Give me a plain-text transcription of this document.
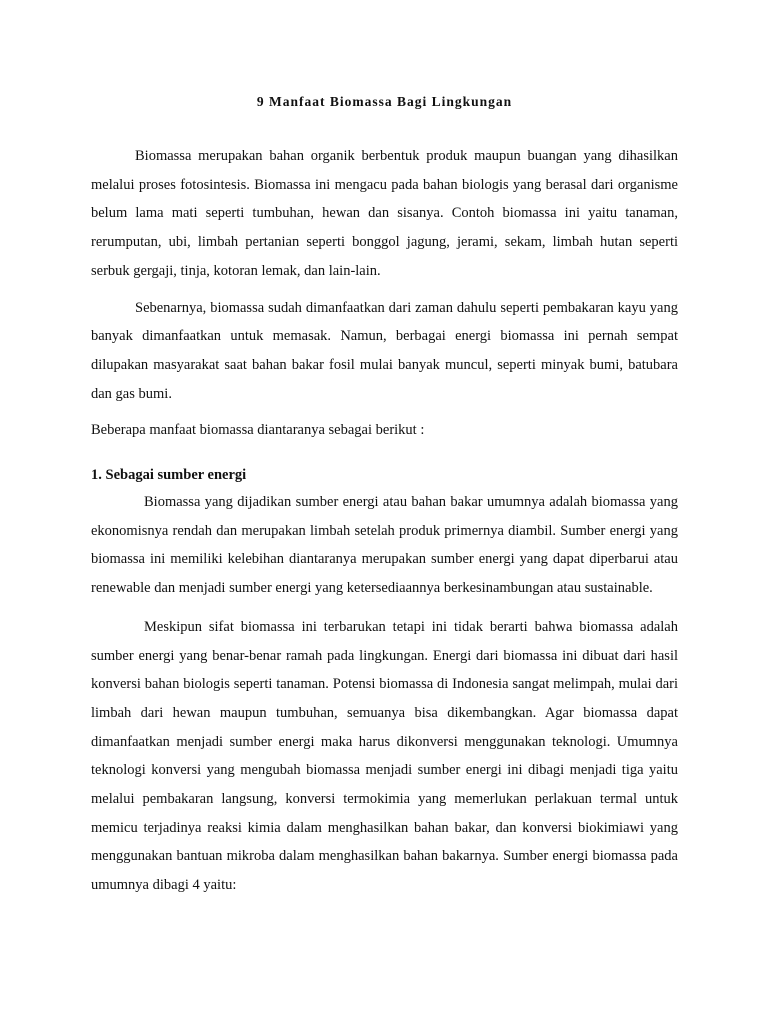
9 Manfaat Biomassa Bagi Lingkungan

Biomassa merupakan bahan organik berbentuk produk maupun buangan yang dihasilkan melalui proses fotosintesis. Biomassa ini mengacu pada bahan biologis yang berasal dari organisme belum lama mati seperti tumbuhan, hewan dan sisanya. Contoh biomassa ini yaitu tanaman, rerumputan, ubi, limbah pertanian seperti bonggol jagung, jerami, sekam, limbah hutan seperti serbuk gergaji, tinja, kotoran lemak, dan lain-lain.

Sebenarnya, biomassa sudah dimanfaatkan dari zaman dahulu seperti pembakaran kayu yang banyak dimanfaatkan untuk memasak. Namun, berbagai energi biomassa ini pernah sempat dilupakan masyarakat saat bahan bakar fosil mulai banyak muncul, seperti minyak bumi, batubara dan gas bumi.

Beberapa manfaat biomassa diantaranya sebagai berikut :

1. Sebagai sumber energi

Biomassa yang dijadikan sumber energi atau bahan bakar umumnya adalah biomassa yang ekonomisnya rendah dan merupakan limbah setelah produk primernya diambil. Sumber energi yang biomassa ini memiliki kelebihan diantaranya merupakan sumber energi yang dapat diperbarui atau renewable dan menjadi sumber energi yang ketersediaannya berkesinambungan atau sustainable.

Meskipun sifat biomassa ini terbarukan tetapi ini tidak berarti bahwa biomassa adalah sumber energi yang benar-benar ramah pada lingkungan. Energi dari biomassa ini dibuat dari hasil konversi bahan biologis seperti tanaman. Potensi biomassa di Indonesia sangat melimpah, mulai dari limbah dari hewan maupun tumbuhan, semuanya bisa dikembangkan. Agar biomassa dapat dimanfaatkan menjadi sumber energi maka harus dikonversi menggunakan teknologi. Umumnya teknologi konversi yang mengubah biomassa menjadi sumber energi ini dibagi menjadi tiga yaitu melalui pembakaran langsung, konversi termokimia yang memerlukan perlakuan termal untuk memicu terjadinya reaksi kimia dalam menghasilkan bahan bakar, dan konversi biokimiawi yang menggunakan bantuan mikroba dalam menghasilkan bahan bakarnya. Sumber energi biomassa pada umumnya dibagi 4 yaitu:
